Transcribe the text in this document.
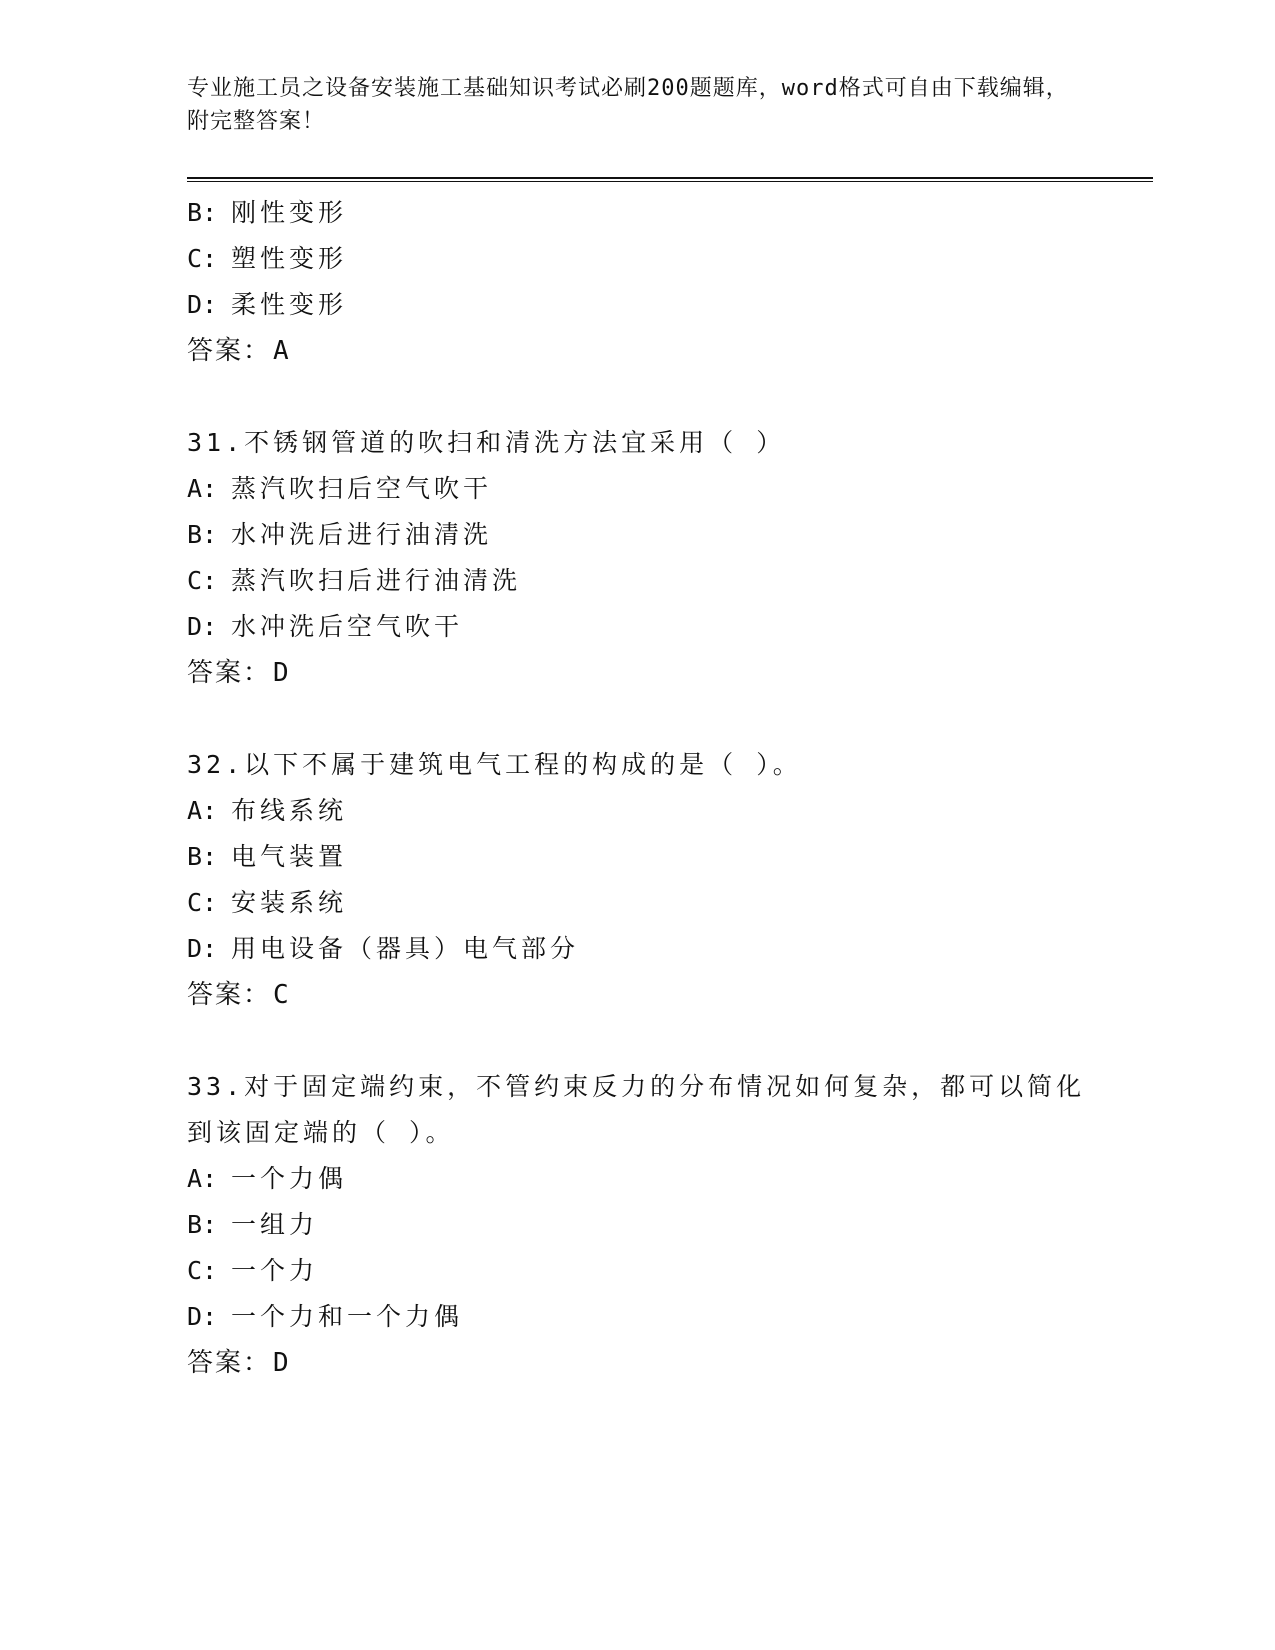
专业施工员之设备安装施工基础知识考试必刷200题题库，word格式可自由下载编辑，附完整答案！
B: 刚性变形
C: 塑性变形
D: 柔性变形
答案：A
31.不锈钢管道的吹扫和清洗方法宜采用（ ）
A: 蒸汽吹扫后空气吹干
B: 水冲洗后进行油清洗
C: 蒸汽吹扫后进行油清洗
D: 水冲洗后空气吹干
答案：D
32.以下不属于建筑电气工程的构成的是（ ）。
A: 布线系统
B: 电气装置
C: 安装系统
D: 用电设备（器具）电气部分
答案：C
33.对于固定端约束，不管约束反力的分布情况如何复杂，都可以简化到该固定端的（ ）。
A: 一个力偶
B: 一组力
C: 一个力
D: 一个力和一个力偶
答案：D
